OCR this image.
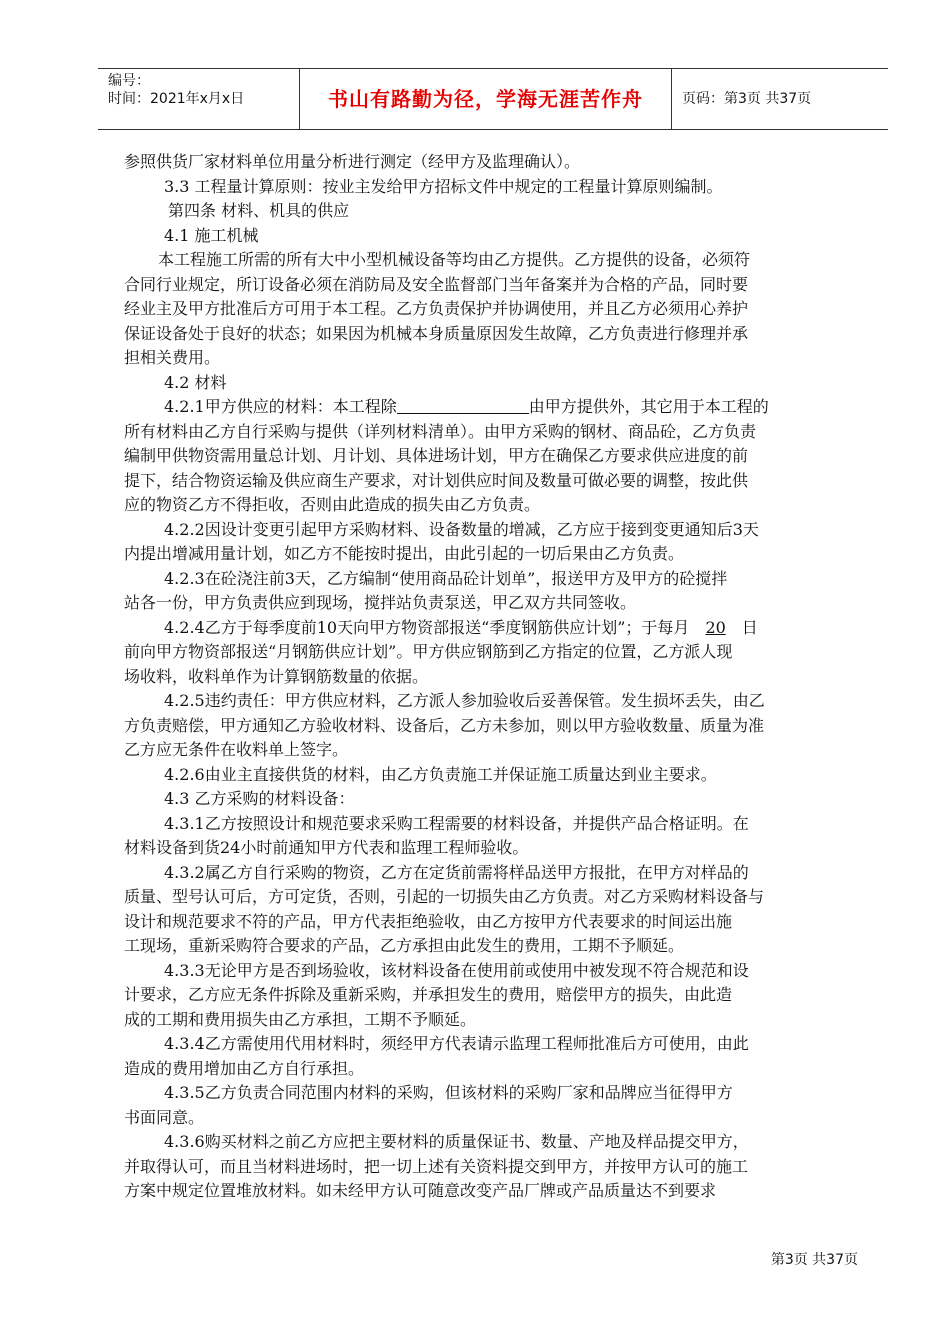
编号：
时间：2021年x月x日	书山有路勤为径，学海无涯苦作舟	页码：第3页 共37页
参照供货厂家材料单位用量分析进行测定（经甲方及监理确认）。
3.3 工程量计算原则：按业主发给甲方招标文件中规定的工程量计算原则编制。
第四条 材料、机具的供应
4.1 施工机械
本工程施工所需的所有大中小型机械设备等均由乙方提供。乙方提供的设备，必须符
合同行业规定，所订设备必须在消防局及安全监督部门当年备案并为合格的产品，同时要
经业主及甲方批准后方可用于本工程。乙方负责保护并协调使用，并且乙方必须用心养护
保证设备处于良好的状态；如果因为机械本身质量原因发生故障，乙方负责进行修理并承
担相关费用。
4.2 材料
4.2.1甲方供应的材料：本工程除	由甲方提供外，其它用于本工程的
所有材料由乙方自行采购与提供（详列材料清单）。由甲方采购的钢材、商品砼，乙方负责
编制甲供物资需用量总计划、月计划、具体进场计划，甲方在确保乙方要求供应进度的前
提下，结合物资运输及供应商生产要求，对计划供应时间及数量可做必要的调整，按此供
应的物资乙方不得拒收，否则由此造成的损失由乙方负责。
4.2.2因设计变更引起甲方采购材料、设备数量的增减，乙方应于接到变更通知后3天
内提出增减用量计划，如乙方不能按时提出，由此引起的一切后果由乙方负责。
4.2.3在砼浇注前3天，乙方编制“使用商品砼计划单”，报送甲方及甲方的砼搅拌
站各一份，甲方负责供应到现场，搅拌站负责泵送，甲乙双方共同签收。
4.2.4乙方于每季度前10天向甲方物资部报送“季度钢筋供应计划”；于每月 20 日
前向甲方物资部报送“月钢筋供应计划”。甲方供应钢筋到乙方指定的位置，乙方派人现
场收料，收料单作为计算钢筋数量的依据。
4.2.5违约责任：甲方供应材料，乙方派人参加验收后妥善保管。发生损坏丢失，由乙
方负责赔偿，甲方通知乙方验收材料、设备后，乙方未参加，则以甲方验收数量、质量为准
乙方应无条件在收料单上签字。
4.2.6由业主直接供货的材料，由乙方负责施工并保证施工质量达到业主要求。
4.3 乙方采购的材料设备：
4.3.1乙方按照设计和规范要求采购工程需要的材料设备，并提供产品合格证明。在
材料设备到货24小时前通知甲方代表和监理工程师验收。
4.3.2属乙方自行采购的物资，乙方在定货前需将样品送甲方报批，在甲方对样品的
质量、型号认可后，方可定货，否则，引起的一切损失由乙方负责。对乙方采购材料设备与
设计和规范要求不符的产品，甲方代表拒绝验收，由乙方按甲方代表要求的时间运出施
工现场，重新采购符合要求的产品，乙方承担由此发生的费用，工期不予顺延。
4.3.3无论甲方是否到场验收，该材料设备在使用前或使用中被发现不符合规范和设
计要求，乙方应无条件拆除及重新采购，并承担发生的费用，赔偿甲方的损失，由此造
成的工期和费用损失由乙方承担，工期不予顺延。
4.3.4乙方需使用代用材料时，须经甲方代表请示监理工程师批准后方可使用，由此
造成的费用增加由乙方自行承担。
4.3.5乙方负责合同范围内材料的采购，但该材料的采购厂家和品牌应当征得甲方
书面同意。
4.3.6购买材料之前乙方应把主要材料的质量保证书、数量、产地及样品提交甲方，
并取得认可，而且当材料进场时，把一切上述有关资料提交到甲方，并按甲方认可的施工
方案中规定位置堆放材料。如未经甲方认可随意改变产品厂牌或产品质量达不到要求
第3页 共37页
